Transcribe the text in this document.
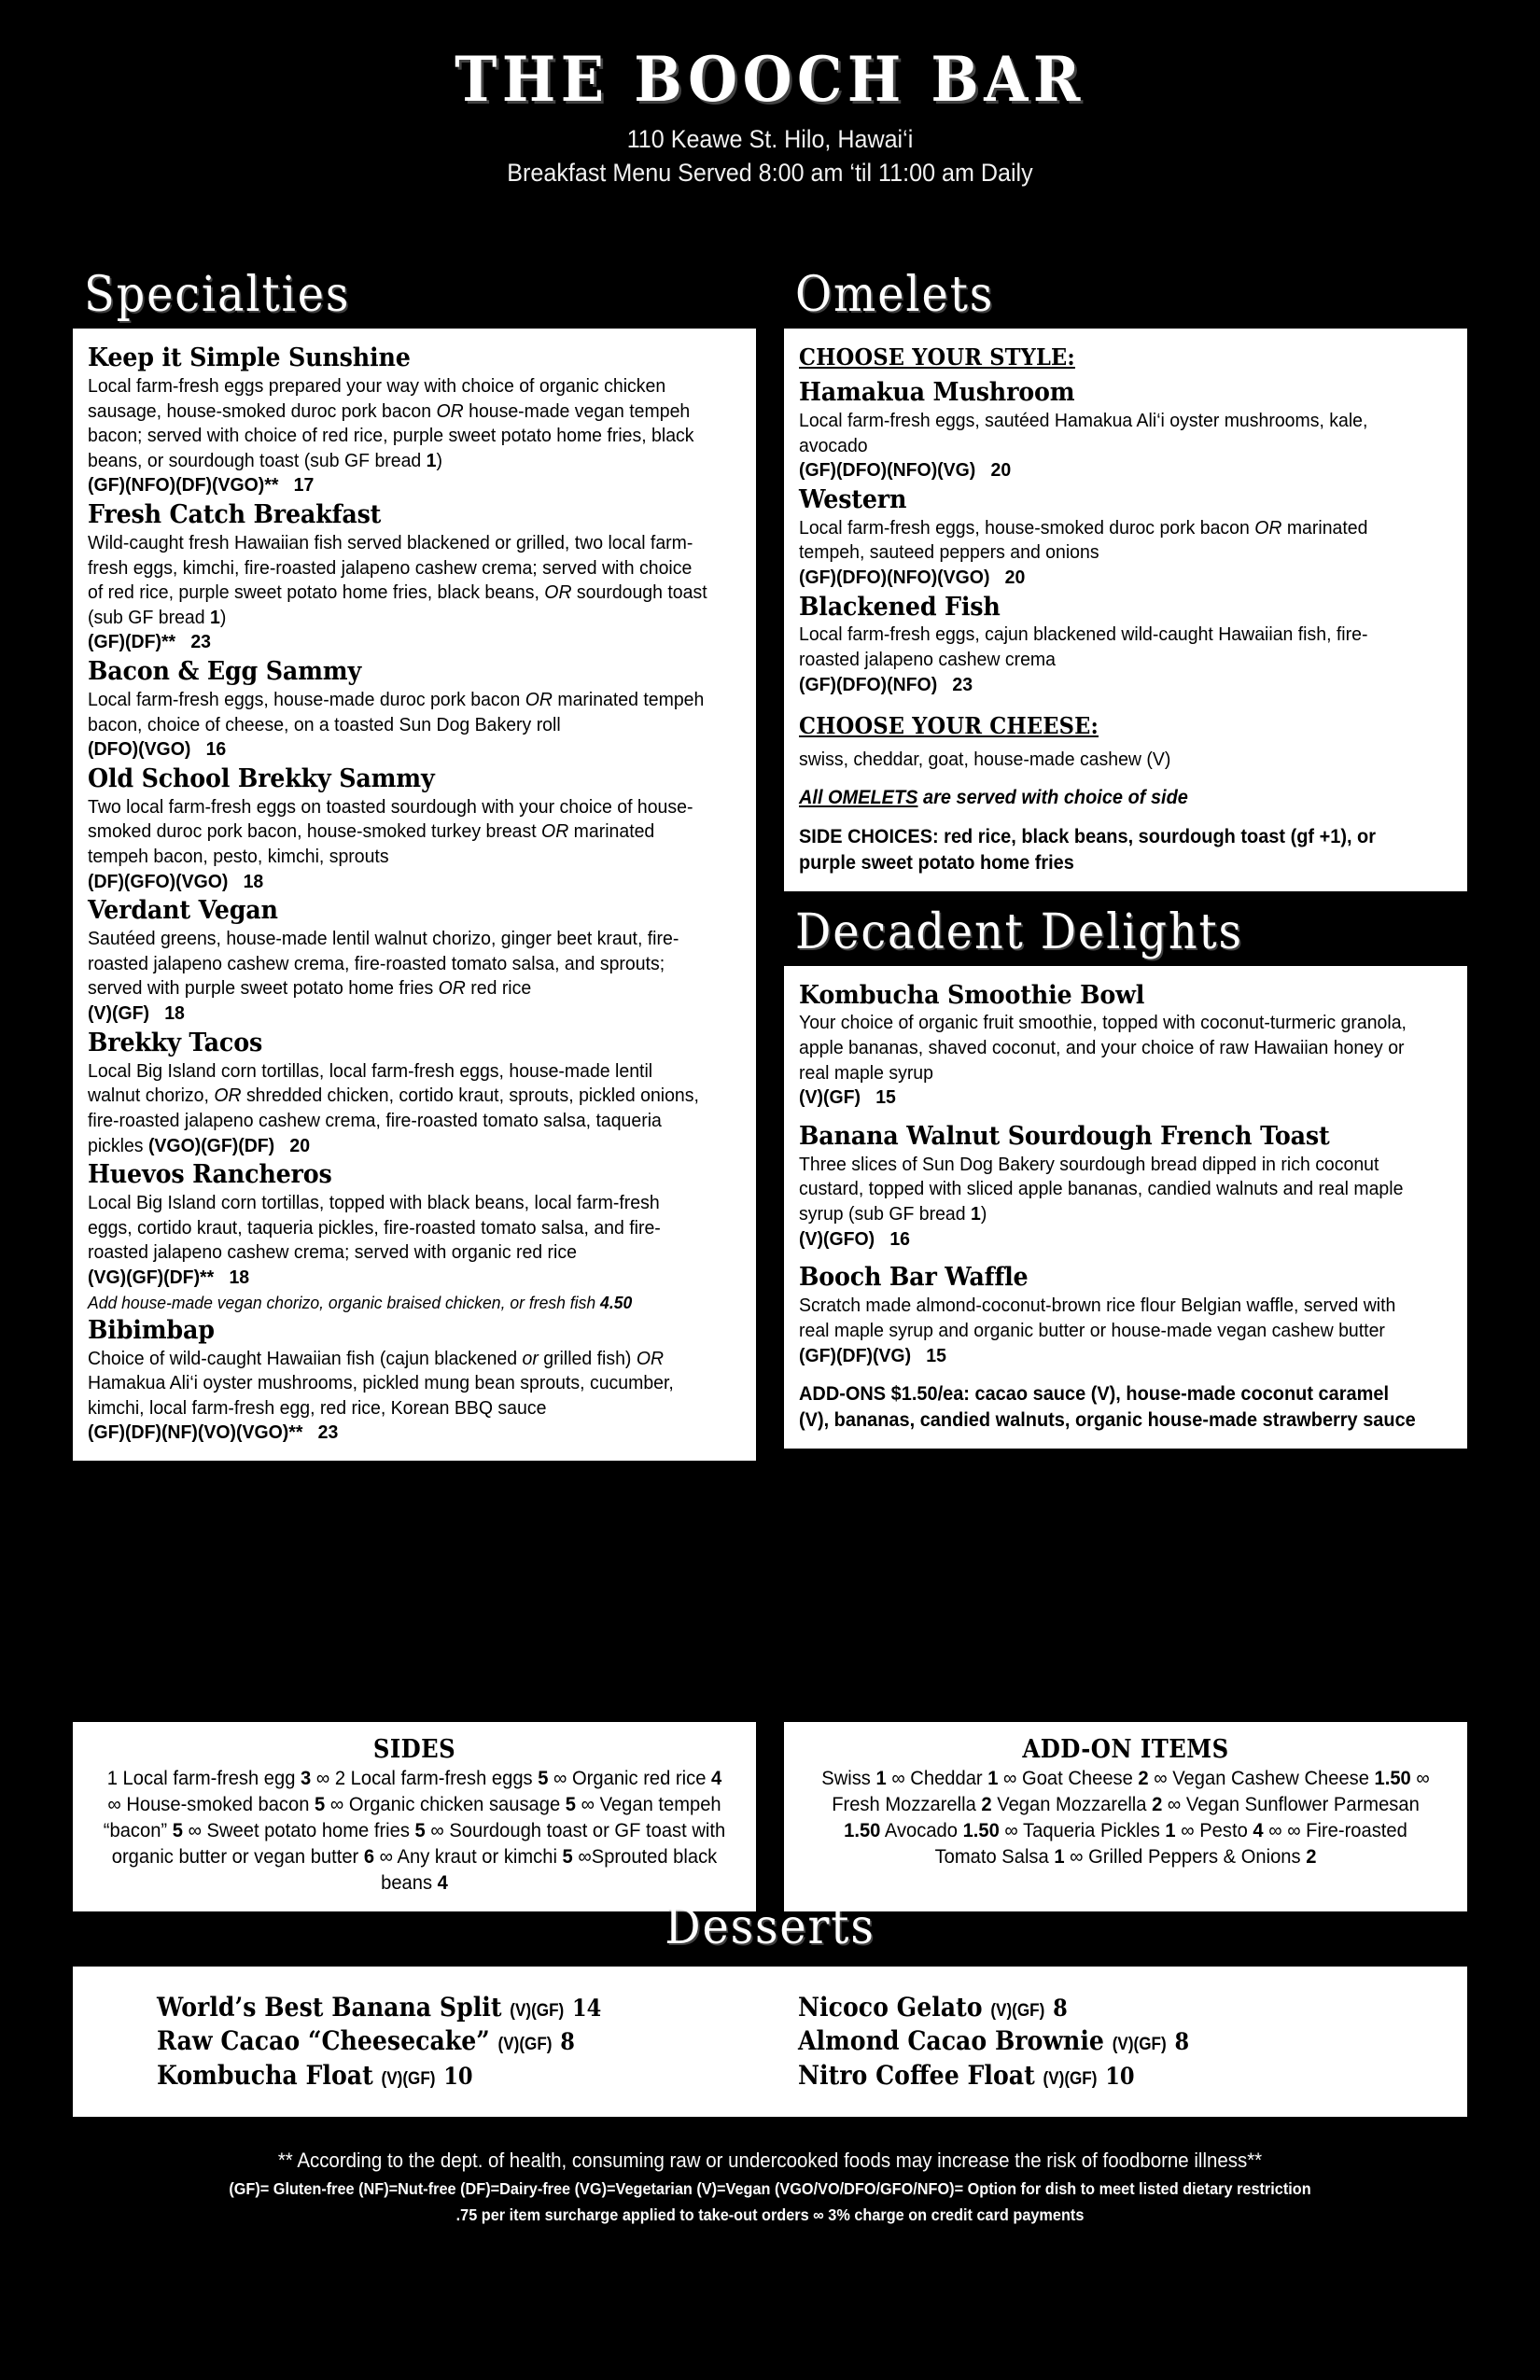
THE BOOCH BAR
110 Keawe St. Hilo, Hawai‘i
Breakfast Menu Served 8:00 am ‘til 11:00 am Daily
Specialties
Keep it Simple Sunshine
Local farm-fresh eggs prepared your way with choice of organic chicken sausage, house-smoked duroc pork bacon OR house-made vegan tempeh bacon; served with choice of red rice, purple sweet potato home fries, black beans, or sourdough toast (sub GF bread 1)
(GF)(NFO)(DF)(VGO)**   17
Fresh Catch Breakfast
Wild-caught fresh Hawaiian fish served blackened or grilled, two local farm-fresh eggs, kimchi, fire-roasted jalapeno cashew crema; served with choice of red rice, purple sweet potato home fries, black beans, OR sourdough toast (sub GF bread 1)
(GF)(DF)**   23
Bacon & Egg Sammy
Local farm-fresh eggs, house-made duroc pork bacon OR marinated tempeh bacon, choice of cheese, on a toasted Sun Dog Bakery roll
(DFO)(VGO)   16
Old School Brekky Sammy
Two local farm-fresh eggs on toasted sourdough with your choice of house-smoked duroc pork bacon, house-smoked turkey breast OR marinated tempeh bacon, pesto, kimchi, sprouts
(DF)(GFO)(VGO)   18
Verdant Vegan
Sautéed greens, house-made lentil walnut chorizo, ginger beet kraut, fire-roasted jalapeno cashew crema, fire-roasted tomato salsa, and sprouts; served with purple sweet potato home fries OR red rice
(V)(GF)   18
Brekky Tacos
Local Big Island corn tortillas, local farm-fresh eggs, house-made lentil walnut chorizo, OR shredded chicken, cortido kraut, sprouts, pickled onions, fire-roasted jalapeno cashew crema, fire-roasted tomato salsa, taqueria pickles (VGO)(GF)(DF) 20
Huevos Rancheros
Local Big Island corn tortillas, topped with black beans, local farm-fresh eggs, cortido kraut, taqueria pickles, fire-roasted tomato salsa, and fire-roasted jalapeno cashew crema; served with organic red rice
(VG)(GF)(DF)**   18
Add house-made vegan chorizo, organic braised chicken, or fresh fish 4.50
Bibimbap
Choice of wild-caught Hawaiian fish (cajun blackened or grilled fish) OR Hamakua Ali‘i oyster mushrooms, pickled mung bean sprouts, cucumber, kimchi, local farm-fresh egg, red rice, Korean BBQ sauce
(GF)(DF)(NF)(VO)(VGO)**   23
Omelets
CHOOSE YOUR STYLE:
Hamakua Mushroom
Local farm-fresh eggs, sautéed Hamakua Ali‘i oyster mushrooms, kale, avocado
(GF)(DFO)(NFO)(VG)   20
Western
Local farm-fresh eggs, house-smoked duroc pork bacon OR marinated tempeh, sauteed peppers and onions
(GF)(DFO)(NFO)(VGO)   20
Blackened Fish
Local farm-fresh eggs, cajun blackened wild-caught Hawaiian fish, fire-roasted jalapeno cashew crema
(GF)(DFO)(NFO)   23
CHOOSE YOUR CHEESE:
swiss, cheddar, goat, house-made cashew (V)
All OMELETS are served with choice of side
SIDE CHOICES: red rice, black beans, sourdough toast (gf +1), or purple sweet potato home fries
Decadent Delights
Kombucha Smoothie Bowl
Your choice of organic fruit smoothie, topped with coconut-turmeric granola, apple bananas, shaved coconut, and your choice of raw Hawaiian honey or real maple syrup
(V)(GF)   15
Banana Walnut Sourdough French Toast
Three slices of Sun Dog Bakery sourdough bread dipped in rich coconut custard, topped with sliced apple bananas, candied walnuts and real maple syrup (sub GF bread 1)
(V)(GFO)   16
Booch Bar Waffle
Scratch made almond-coconut-brown rice flour Belgian waffle, served with real maple syrup and organic butter or house-made vegan cashew butter
(GF)(DF)(VG)   15
ADD-ONS $1.50/ea: cacao sauce (V), house-made coconut caramel (V), bananas, candied walnuts, organic house-made strawberry sauce
SIDES
1 Local farm-fresh egg 3 ∞ 2 Local farm-fresh eggs 5 ∞ Organic red rice 4 ∞ House-smoked bacon 5 ∞ Organic chicken sausage 5 ∞ Vegan tempeh “bacon” 5 ∞ Sweet potato home fries 5 ∞ Sourdough toast or GF toast with organic butter or vegan butter 6 ∞ Any kraut or kimchi 5 ∞Sprouted black beans 4
ADD-ON ITEMS
Swiss 1 ∞ Cheddar 1 ∞ Goat Cheese 2 ∞ Vegan Cashew Cheese 1.50 ∞ Fresh Mozzarella 2 Vegan Mozzarella 2 ∞ Vegan Sunflower Parmesan 1.50 Avocado 1.50 ∞ Taqueria Pickles 1 ∞ Pesto 4 ∞ ∞ Fire-roasted Tomato Salsa 1 ∞ Grilled Peppers & Onions 2
Desserts
World’s Best Banana Split (V)(GF) 14
Raw Cacao “Cheesecake” (V)(GF) 8
Kombucha Float (V)(GF) 10
Nicoco Gelato (V)(GF) 8
Almond Cacao Brownie (V)(GF) 8
Nitro Coffee Float (V)(GF) 10
** According to the dept. of health, consuming raw or undercooked foods may increase the risk of foodborne illness**
(GF)= Gluten-free (NF)=Nut-free (DF)=Dairy-free (VG)=Vegetarian (V)=Vegan (VGO/VO/DFO/GFO/NFO)= Option for dish to meet listed dietary restriction
.75 per item surcharge applied to take-out orders ∞ 3% charge on credit card payments
